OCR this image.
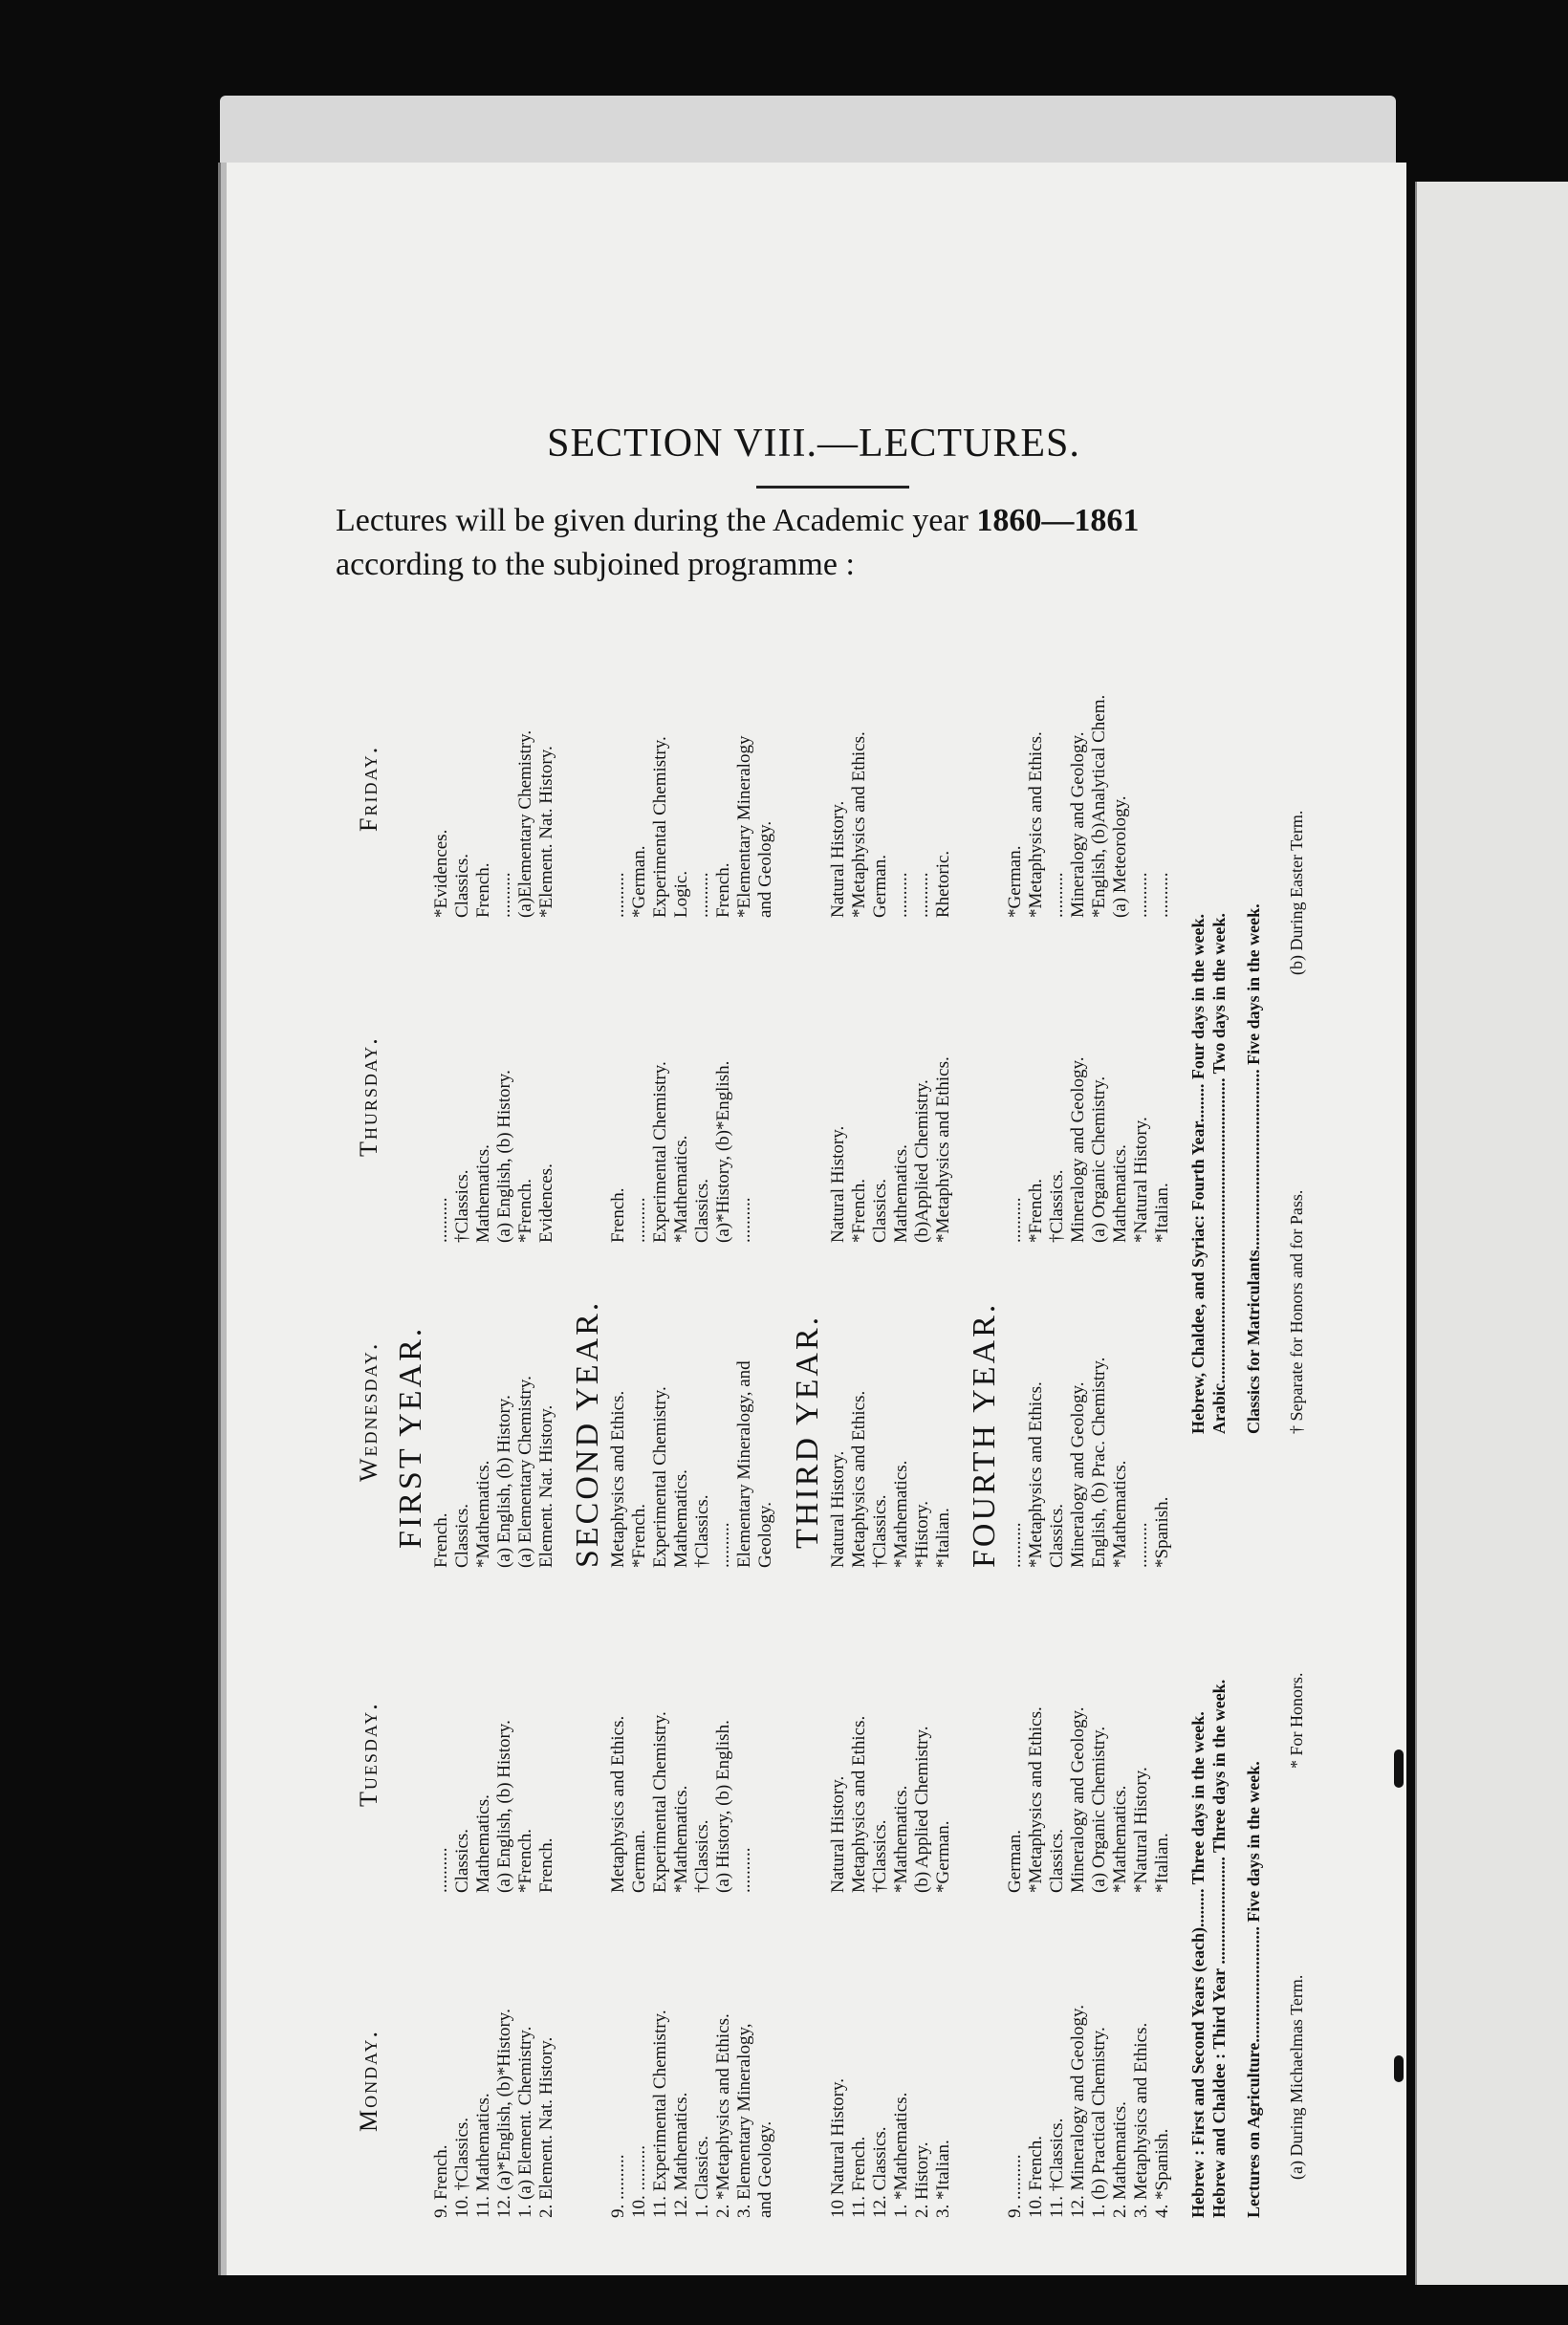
SECTION VIII.—LECTURES.
Lectures will be given during the Academic year 1860—1861
according to the subjoined programme :
Monday.
Tuesday.
Wednesday.
Thursday.
Friday.
FIRST YEAR.
9. French. 10. †Classics. 11. Mathematics. 12. (a)*English, (b)*History. 1. (a) Element. Chemistry. 2. Element. Nat. History.
.......... Classics. Mathematics. (a) English, (b) History. *French. French.
French. Classics. *Mathematics. (a) English, (b) History. (a) Elementary Chemistry. Element. Nat. History.
.......... †Classics. Mathematics. (a) English, (b) History. *French. Evidences.
*Evidences. Classics. French. .......... (a)Elementary Chemistry. *Element. Nat. History.
SECOND YEAR.
9. .......... 10. .......... 11. Experimental Chemistry. 12. Mathematics. 1. Classics. 2. *Metaphysics and Ethics. 3. Elementary Mineralogy, and Geology.
Metaphysics and Ethics. German. Experimental Chemistry. *Mathematics. †Classics. (a) History, (b) English. ..........
Metaphysics and Ethics. *French. Experimental Chemistry. Mathematics. †Classics. .......... Elementary Mineralogy, and Geology.
French. .......... Experimental Chemistry. *Mathematics. Classics. (a)*History, (b)*English. ..........
.......... *German. Experimental Chemistry. Logic. .......... French. *Elementary Mineralogy and Geology.
THIRD YEAR.
10 Natural History. 11. French. 12. Classics. 1. *Mathematics. 2. History. 3. *Italian.
Natural History. Metaphysics and Ethics. †Classics. *Mathematics. (b) Applied Chemistry. *German.
Natural History. Metaphysics and Ethics. †Classics. *Mathematics. *History. *Italian.
Natural History. *French. Classics. Mathematics. (b)Applied Chemistry. *Metaphysics and Ethics.
Natural History. *Metaphysics and Ethics. German. .......... .......... Rhetoric.
FOURTH YEAR.
9. .......... 10. French. 11. †Classics. 12. Mineralogy and Geology. 1. (b) Practical Chemistry. 2. Mathematics. 3. Metaphysics and Ethics. 4. *Spanish.
German. *Metaphysics and Ethics. Classics. Mineralogy and Geology. (a) Organic Chemistry. *Mathematics. *Natural History. *Italian.
.......... *Metaphysics and Ethics. Classics. Mineralogy and Geology. English, (b) Prac. Chemistry. *Mathematics. .......... *Spanish.
.......... *French. †Classics. Mineralogy and Geology. (a) Organic Chemistry. Mathematics. *Natural History. *Italian.
*German. *Metaphysics and Ethics. .......... Mineralogy and Geology. *English, (b)Analytical Chem. (a) Meteorology. .......... ..........
Hebrew : First and Second Years (each)......... Three days in the week. Hebrew and Chaldee : Third Year ......................... Three days in the week.
Hebrew, Chaldee, and Syriac: Fourth Year......... Four days in the week. Arabic....................................................................... Two days in the week.
Lectures on Agriculture........................... Five days in the week.
Classics for Matriculants.......................................... Five days in the week.
(a) During Michaelmas Term.
* For Honors.
† Separate for Honors and for Pass.
(b) During Easter Term.
